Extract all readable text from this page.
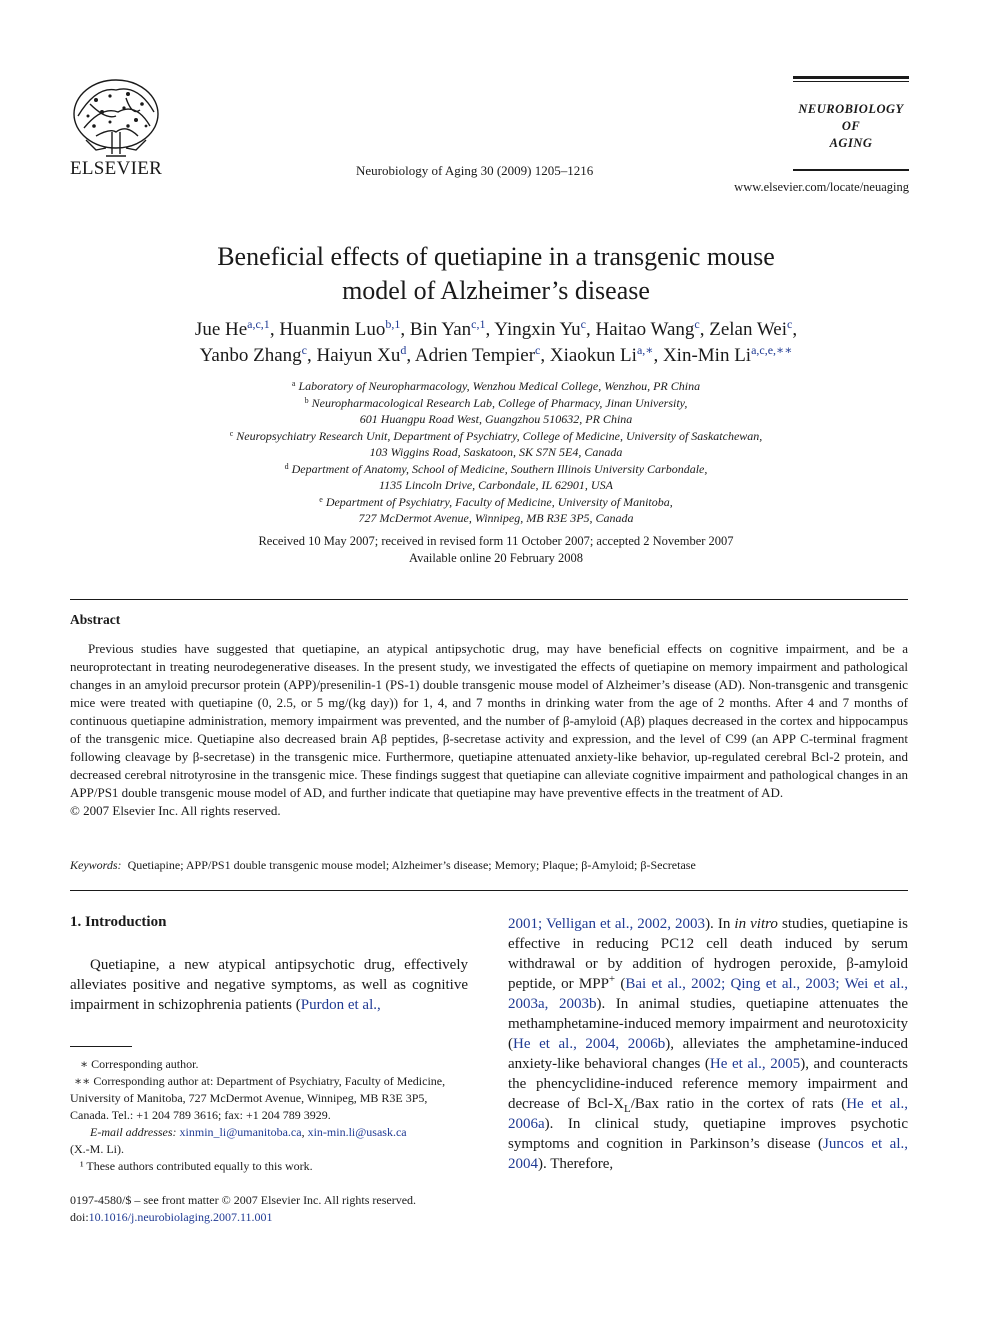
ELSEVIER	Neurobiology of Aging 30 (2009) 1205–1216
NEUROBIOLOGY
OF
AGING
www.elsevier.com/locate/neuaging
Beneficial effects of quetiapine in a transgenic mouse
model of Alzheimer’s disease
Jue He$^{a,c,1}$, Huanmin Luo$^{b,1}$, Bin Yan$^{c,1}$, Yingxin Yu$^c$, Haitao Wang$^c$, Zelan Wei$^c$,
Yanbo Zhang$^c$, Haiyun Xu$^d$, Adrien Tempier$^c$, Xiaokun $Li^{a,∗}$, Xin-Min $Li^{a,c,e,∗∗}$
$^a$ Laboratory of Neuropharmacology, Wenzhou Medical College, Wenzhou, PR China
$^b$ Neuropharmacological Research Lab, College of Pharmacy, Jinan University,
601 Huangpu Road West, Guangzhou 510632, PR China
$^c$ Neuropsychiatry Research Unit, Department of Psychiatry, College of Medicine, University of Saskatchewan,
103 Wiggins Road, Saskatoon, SK S7N 5E4, Canada
$^d$ Department of Anatomy, School of Medicine, Southern Illinois University Carbondale,
1135 Lincoln Drive, Carbondale, IL 62901, USA
$^e$ Department of Psychiatry, Faculty of Medicine, University of Manitoba,
727 McDermot Avenue, Winnipeg, MB R3E 3P5, Canada
Received 10 May 2007; received in revised form 11 October 2007; accepted 2 November 2007
Available online 20 February 2008
Abstract

Previous studies have suggested that quetiapine, an atypical antipsychotic drug, may have beneficial effects on cognitive impairment, and be a neuroprotectant in treating neurodegenerative diseases. In the present study, we investigated the effects of quetiapine on memory impairment and pathological changes in an amyloid precursor protein (APP)/presenilin-1 (PS-1) double transgenic mouse model of Alzheimer’s disease (AD). Non-transgenic and transgenic mice were treated with quetiapine (0, 2.5, or 5 mg/(kg day)) for 1, 4, and 7 months in drinking water from the age of 2 months. After 4 and 7 months of continuous quetiapine administration, memory impairment was prevented, and the number of β-amyloid (Aβ) plaques decreased in the cortex and hippocampus of the transgenic mice. Quetiapine also decreased brain Aβ peptides, β-secretase activity and expression, and the level of C99 (an APP C-terminal fragment following cleavage by β-secretase) in the transgenic mice. Furthermore, quetiapine attenuated anxiety-like behavior, up-regulated cerebral Bcl-2 protein, and decreased cerebral nitrotyrosine in the transgenic mice. These findings suggest that quetiapine can alleviate cognitive impairment and pathological changes in an APP/PS1 double transgenic mouse model of AD, and further indicate that quetiapine may have preventive effects in the treatment of AD.

© 2007 Elsevier Inc. All rights reserved.

Keywords: Quetiapine; APP/PS1 double transgenic mouse model; Alzheimer’s disease; Memory; Plaque; β-Amyloid; β-Secretase
1. Introduction

Quetiapine, a new atypical antipsychotic drug, effectively alleviates positive and negative symptoms, as well as cognitive impairment in schizophrenia patients (Purdon et al.,

∗ Corresponding author.

∗∗ Corresponding author at: Department of Psychiatry, Faculty of Medicine, University of Manitoba, 727 McDermot Avenue, Winnipeg, MB R3E 3P5, Canada. Tel.: +1 204 789 3616; fax: +1 204 789 3929.

E-mail addresses: xinmin_li@umanitoba.ca, xin-min.li@usask.ca

(X.-M. Li).

¹ These authors contributed equally to this work.

0197-4580/$ – see front matter © 2007 Elsevier Inc. All rights reserved.
doi:10.1016/j.neurobiolaging.2007.11.001

2001; Velligan et al., 2002, 2003). In in vitro studies, quetiapine is effective in reducing PC12 cell death induced by serum withdrawal or by addition of hydrogen peroxide, β-amyloid peptide, or MPP+ (Bai et al., 2002; Qing et al., 2003; Wei et al., 2003a, 2003b). In animal studies, quetiapine attenuates the methamphetamine-induced memory impairment and neurotoxicity (He et al., 2004, 2006b), alleviates the amphetamine-induced anxiety-like behavioral changes (He et al., 2005), and counteracts the phencyclidine-induced reference memory impairment and decrease of Bcl-$X_L$/Bax ratio in the cortex of rats (He et al., 2006a). In clinical study, quetiapine improves psychotic symptoms and cognition in Parkinson’s disease (Juncos et al., 2004). Therefore,
